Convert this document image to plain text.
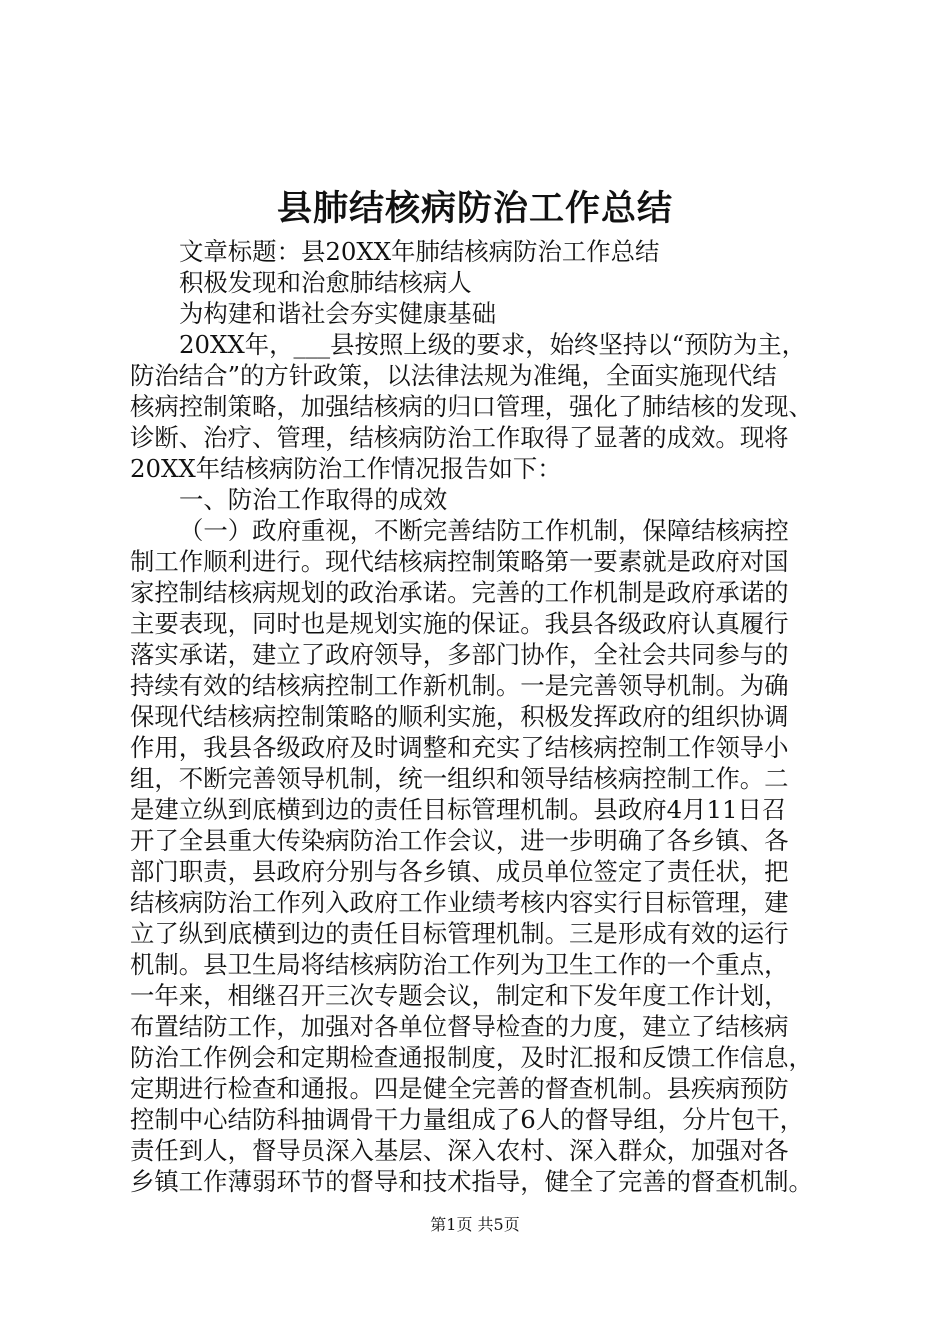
县肺结核病防治工作总结
文章标题：县20XX年肺结核病防治工作总结
积极发现和治愈肺结核病人
为构建和谐社会夯实健康基础
20XX年，___县按照上级的要求，始终坚持以“预防为主，
防治结合”的方针政策，以法律法规为准绳，全面实施现代结
核病控制策略，加强结核病的归口管理，强化了肺结核的发现、
诊断、治疗、管理，结核病防治工作取得了显著的成效。现将
20XX年结核病防治工作情况报告如下：
一、防治工作取得的成效
（一）政府重视，不断完善结防工作机制，保障结核病控
制工作顺利进行。现代结核病控制策略第一要素就是政府对国
家控制结核病规划的政治承诺。完善的工作机制是政府承诺的
主要表现，同时也是规划实施的保证。我县各级政府认真履行
落实承诺，建立了政府领导，多部门协作，全社会共同参与的
持续有效的结核病控制工作新机制。一是完善领导机制。为确
保现代结核病控制策略的顺利实施，积极发挥政府的组织协调
作用，我县各级政府及时调整和充实了结核病控制工作领导小
组，不断完善领导机制，统一组织和领导结核病控制工作。二
是建立纵到底横到边的责任目标管理机制。县政府4月11日召
开了全县重大传染病防治工作会议，进一步明确了各乡镇、各
部门职责，县政府分别与各乡镇、成员单位签定了责任状，把
结核病防治工作列入政府工作业绩考核内容实行目标管理，建
立了纵到底横到边的责任目标管理机制。三是形成有效的运行
机制。县卫生局将结核病防治工作列为卫生工作的一个重点，
一年来，相继召开三次专题会议，制定和下发年度工作计划，
布置结防工作，加强对各单位督导检查的力度，建立了结核病
防治工作例会和定期检查通报制度，及时汇报和反馈工作信息，
定期进行检查和通报。四是健全完善的督查机制。县疾病预防
控制中心结防科抽调骨干力量组成了6人的督导组，分片包干，
责任到人，督导员深入基层、深入农村、深入群众，加强对各
乡镇工作薄弱环节的督导和技术指导，健全了完善的督查机制。
第1页 共5页
